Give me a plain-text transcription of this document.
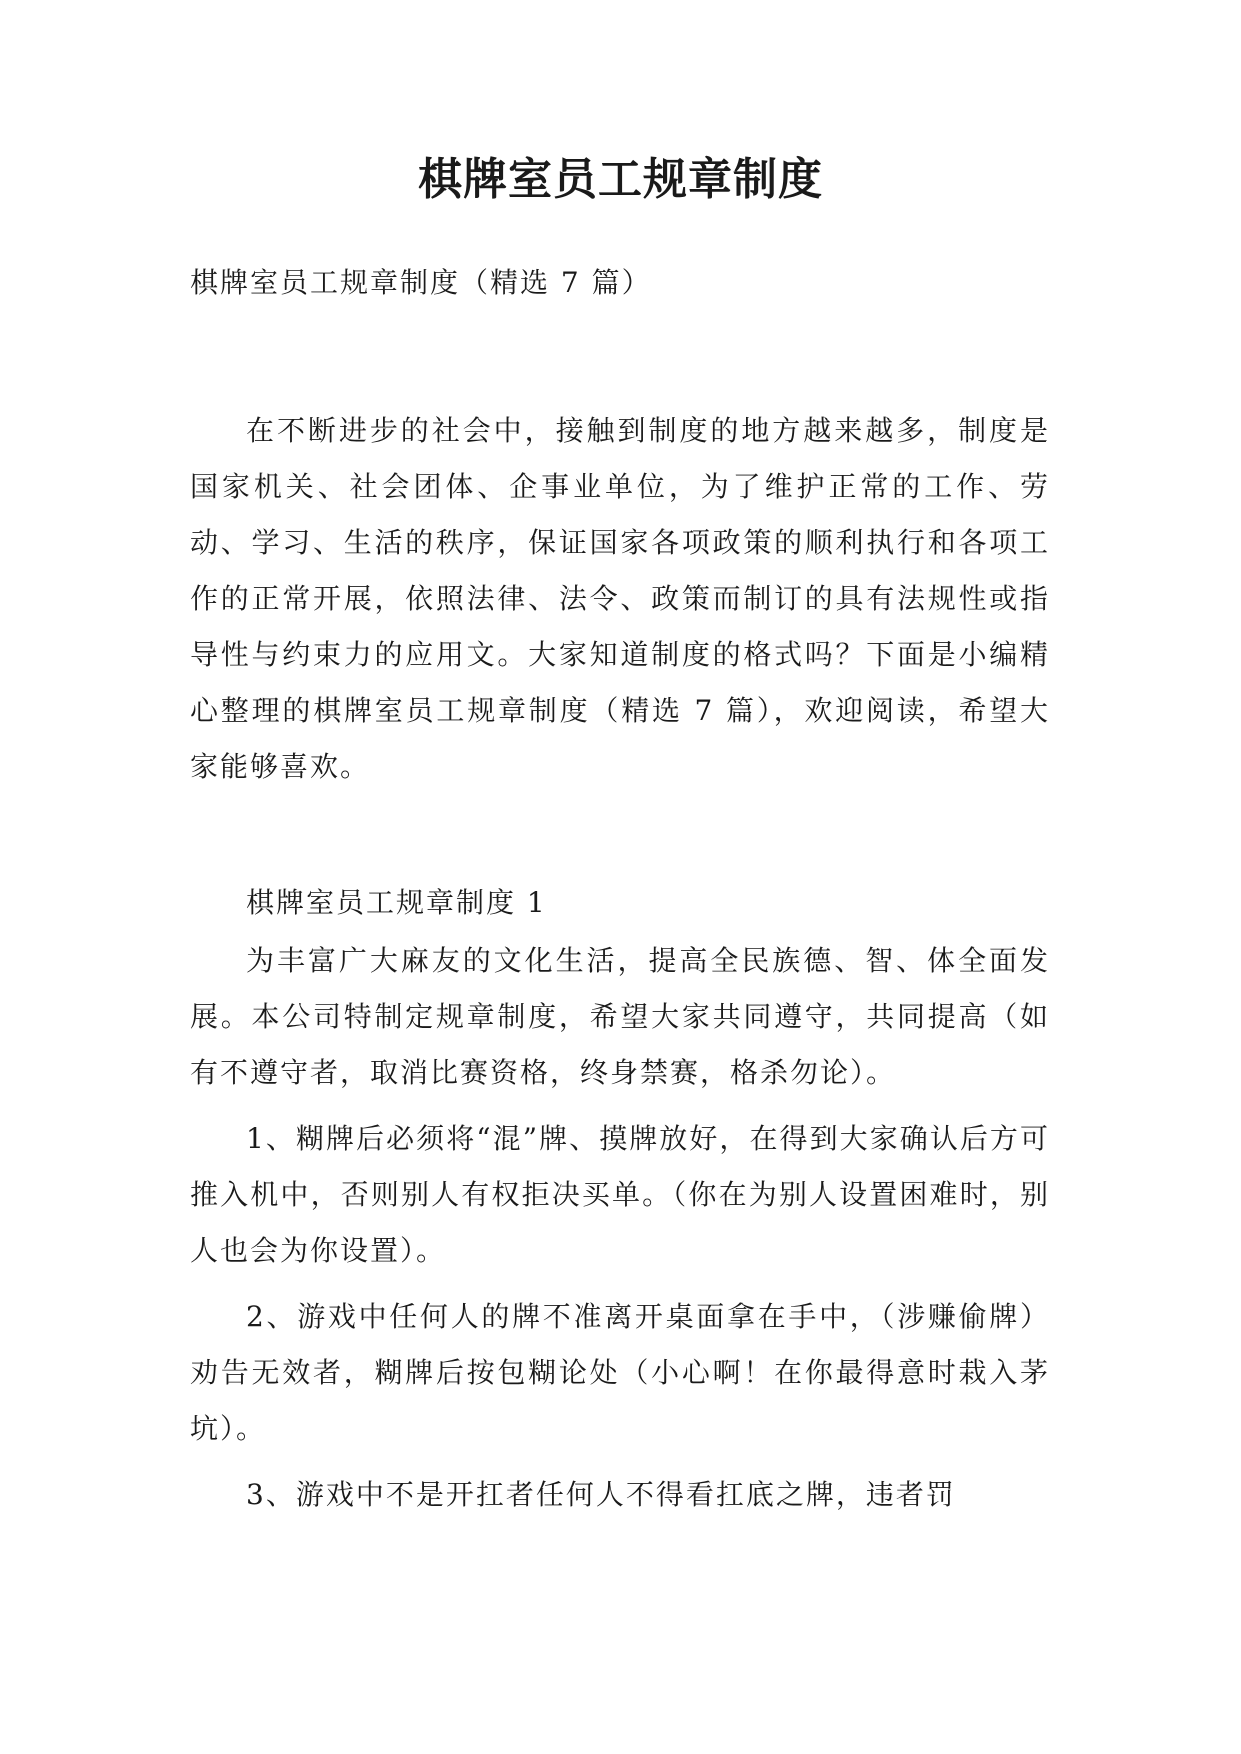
棋牌室员工规章制度
棋牌室员工规章制度（精选 7 篇）

在不断进步的社会中，接触到制度的地方越来越多，制度是国家机关、社会团体、企事业单位，为了维护正常的工作、劳动、学习、生活的秩序，保证国家各项政策的顺利执行和各项工作的正常开展，依照法律、法令、政策而制订的具有法规性或指导性与约束力的应用文。大家知道制度的格式吗？下面是小编精心整理的棋牌室员工规章制度（精选 7 篇），欢迎阅读，希望大家能够喜欢。

棋牌室员工规章制度 1

为丰富广大麻友的文化生活，提高全民族德、智、体全面发展。本公司特制定规章制度，希望大家共同遵守，共同提高（如有不遵守者，取消比赛资格，终身禁赛，格杀勿论）。

1、糊牌后必须将“混”牌、摸牌放好，在得到大家确认后方可推入机中，否则别人有权拒决买单。（你在为别人设置困难时，别人也会为你设置）。

2、游戏中任何人的牌不准离开桌面拿在手中，（涉赚偷牌）劝告无效者，糊牌后按包糊论处（小心啊！在你最得意时栽入茅坑）。

3、游戏中不是开扛者任何人不得看扛底之牌，违者罚
